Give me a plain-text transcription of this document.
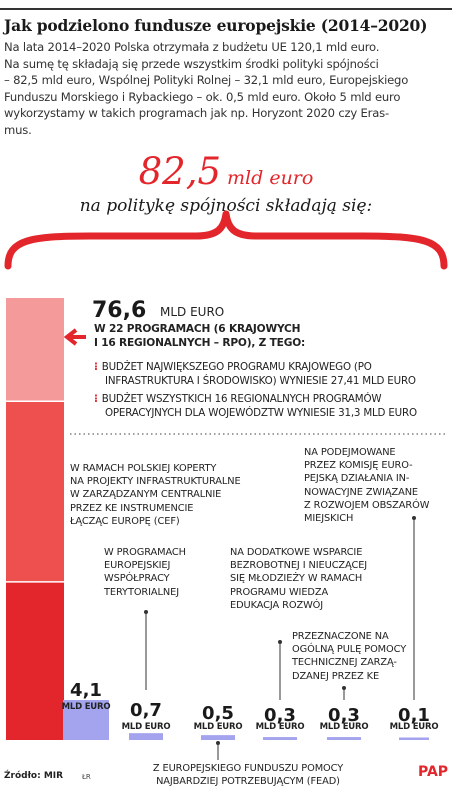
Jak podzielono fundusze europejskie (2014–2020)
Na lata 2014–2020 Polska otrzymała z budżetu UE 120,1 mld euro.
Na sumę tę składają się przede wszystkim środki polityki spójności
– 82,5 mld euro, Wspólnej Polityki Rolnej – 32,1 mld euro, Europejskiego
Funduszu Morskiego i Rybackiego – ok. 0,5 mld euro. Około 5 mld euro
wykorzystamy w takich programach jak np. Horyzont 2020 czy Eras-
mus.
82,5 mld euro
na politykę spójności składają się:
76,6 MLD EURO
W 22 PROGRAMACH (6 KRAJOWYCH
I 16 REGIONALNYCH – RPO), Z TEGO:
⁝ BUDŻET NAJWIĘKSZEGO PROGRAMU KRAJOWEGO (PO
INFRASTRUKTURA I ŚRODOWISKO) WYNIESIE 27,41 MLD EURO
⁝ BUDŻET WSZYSTKICH 16 REGIONALNYCH PROGRAMÓW
OPERACYJNYCH DLA WOJEWÓDZTW WYNIESIE 31,3 MLD EURO
4,1
MLD EURO	0,7
MLD EURO
0,5
MLD EURO
0,3
MLD EURO
0,3
MLD EURO
0,1
MLD EURO
W RAMACH POLSKIEJ KOPERTY
NA PROJEKTY INFRASTRUKTURALNE
W ZARZĄDZANYM CENTRALNIE
PRZEZ KE INSTRUMENCIE
ŁĄCZĄC EUROPĘ (CEF)
W PROGRAMACH
EUROPEJSKIEJ
WSPÓŁPRACY
TERYTORIALNEJ
Z EUROPEJSKIEGO FUNDUSZU POMOCY
NAJBARDZIEJ POTRZEBUJĄCYM (FEAD)
NA DODATKOWE WSPARCIE
BEZROBOTNEJ I NIEUCZĄCEJ
SIĘ MŁODZIEŻY W RAMACH
PROGRAMU WIEDZA
EDUKACJA ROZWÓJ
PRZEZNACZONE NA
OGÓLNĄ PULĘ POMOCY
TECHNICZNEJ ZARZĄ-
DZANEJ PRZEZ KE
NA PODEJMOWANE
PRZEZ KOMISJĘ EURO-
PEJSKĄ DZIAŁANIA IN-
NOWACYJNE ZWIĄZANE
Z ROZWOJEM OBSZARÓW
MIEJSKICH
Źródło: MIR	ŁR	PAP
